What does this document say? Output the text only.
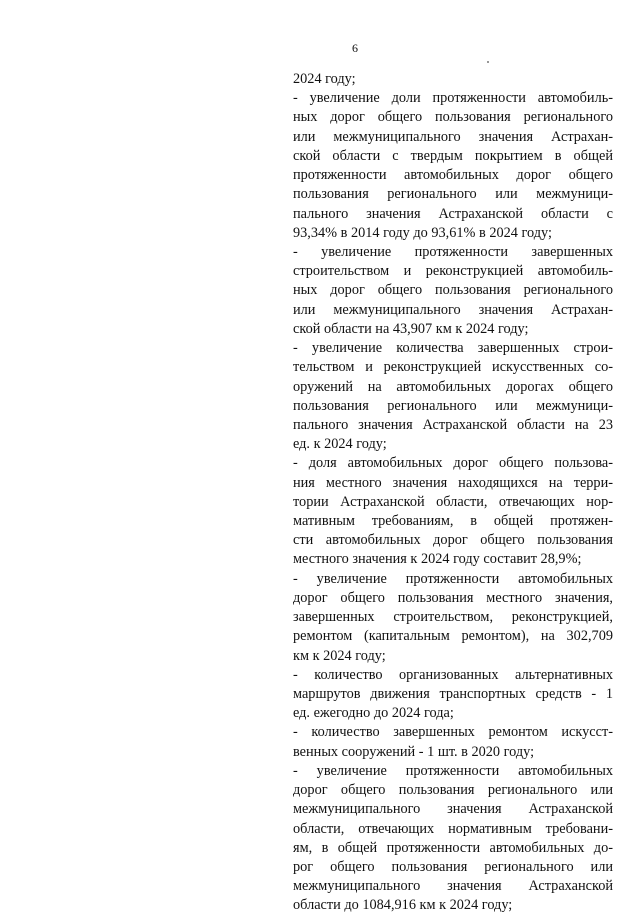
6
2024 году;
- увеличение доли протяженности автомобиль-
ных дорог общего пользования регионального
или межмуниципального значения Астрахан-
ской области с твердым покрытием в общей
протяженности автомобильных дорог общего
пользования регионального или межмуници-
пального значения Астраханской области с
93,34% в 2014 году до 93,61% в 2024 году;
- увеличение протяженности завершенных
строительством и реконструкцией автомобиль-
ных дорог общего пользования регионального
или межмуниципального значения Астрахан-
ской области на 43,907 км к 2024 году;
- увеличение количества завершенных строи-
тельством и реконструкцией искусственных со-
оружений на автомобильных дорогах общего
пользования регионального или межмуници-
пального значения Астраханской области на 23
ед. к 2024 году;
- доля автомобильных дорог общего пользова-
ния местного значения находящихся на терри-
тории Астраханской области, отвечающих нор-
мативным требованиям, в общей протяжен-
сти автомобильных дорог общего пользования
местного значения к 2024 году составит 28,9%;
- увеличение протяженности автомобильных
дорог общего пользования местного значения,
завершенных строительством, реконструкцией,
ремонтом (капитальным ремонтом), на 302,709
км к 2024 году;
- количество организованных альтернативных
маршрутов движения транспортных средств - 1
ед. ежегодно до 2024 года;
- количество завершенных ремонтом искусст-
венных сооружений - 1 шт. в 2020 году;
- увеличение протяженности автомобильных
дорог общего пользования регионального или
межмуниципального значения Астраханской
области, отвечающих нормативным требовани-
ям, в общей протяженности автомобильных до-
рог общего пользования регионального или
межмуниципального значения Астраханской
области до 1084,916 км к 2024 году;
